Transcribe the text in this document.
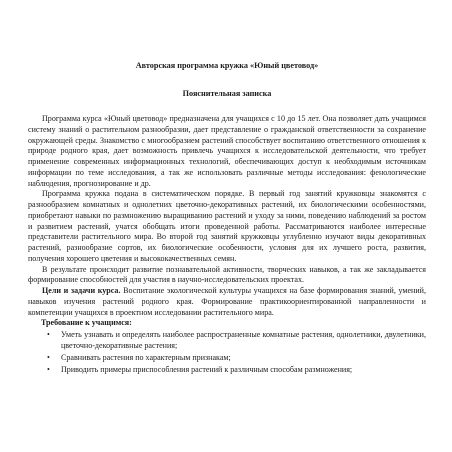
Авторская программа кружка «Юный цветовод»
Пояснительная записка

Программа курса «Юный цветовод» предназначена для учащихся с 10 до 15 лет. Она позволяет дать учащимся систему знаний о растительном разнообразии, дает представление о гражданской ответственности за сохранение окружающей среды. Знакомство с многообразием растений способствует воспитанию ответственного отношения к природе родного края, дает возможность привлечь учащихся к исследовательской деятельности, что требует применение современных информационных технологий, обеспечивающих доступ к необходимым источникам информации по теме исследования, а так же использовать различные методы исследования: фенологические наблюдения, прогнозирование и др.

Программа кружка подана в систематическом порядке. В первый год занятий кружковцы знакомятся с разнообразием комнатных и однолетних цветочно-декоративных растений, их биологическими особенностями, приобретают навыки по размножению выращиванию растений и уходу за ними, поведению наблюдений за ростом и развитием растений, учатся обобщать итоги проведенной работы. Рассматриваются наиболее интересные представители растительного мира. Во второй год занятий кружковцы углубленно изучают виды декоративных растений, разнообразие сортов, их биологические особенности, условия для их лучшего роста, развития, получения хорошего цветения и высококачественных семян.

В результате происходит развитие познавательной активности, творческих навыков, а так же закладывается формирование способностей для участия в научно-исследовательских проектах.

Цели и задачи курса. Воспитание экологической культуры учащихся на базе формирования знаний, умений, навыков изучения растений родного края. Формирование практикоориентированной направленности и компетенции учащихся в проектном исследовании растительного мира.

Требование к учащимся:
• Уметь узнавать и определять наиболее распространенные комнатные растения, однолетники, двулетники, цветочно-декоративные растения;
• Сравнивать растения по характерным признакам;
• Приводить примеры приспособления растений к различным способам размножения;
